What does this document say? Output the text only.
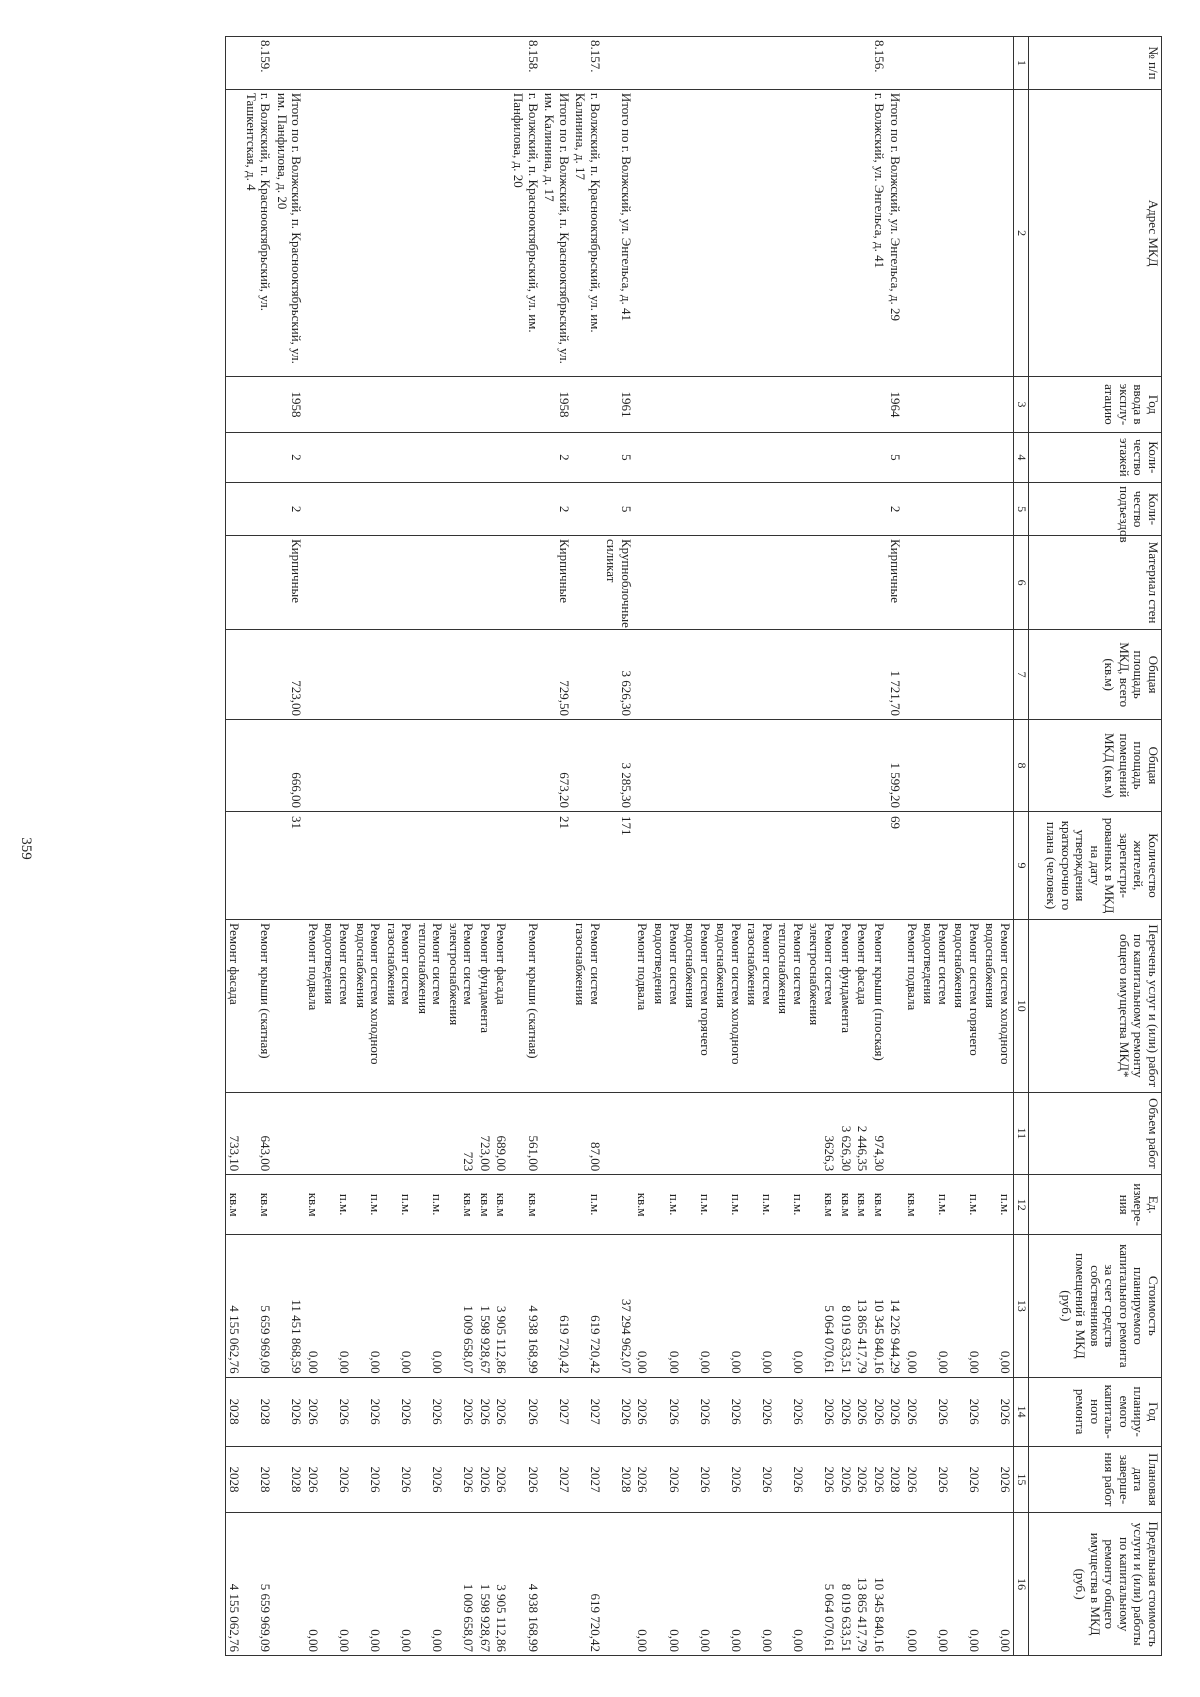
359
№ п/п	Адрес МКД	Год ввода в эксплу-атацию	Коли-чество этажей	Коли-чество подъездов	Материал стен	Общая площадь МКД, всего (кв.м)	Общая площадь помещений МКД (кв.м)	Количество жителей, зарегистри-рованных в МКД на дату утверждения краткосрочно го плана (человек)	Перечень услуг и (или) работ по капитальному ремонту общего имущества МКД*	Объем работ	Ед. измере-ния	Стоимость планируемого капитального ремонта за счет средств собственников помещений в МКД (руб.)	Год планиру-емого капиталь-ного ремонта	Плановая дата заверше-ния работ	Предельная стоимость услуги и (или) работы по капитальному ремонту общего имущества в МКД (руб.)
1	2	3	4	5	6	7	8	9	10	11	12	13	14	15	16
									Ремонт систем холодного водоснабжения		п.м.	0,00	2026	2026	0,00
									Ремонт систем горячего водоснабжения		п.м.	0,00	2026	2026	0,00
									Ремонт систем водоотведения		п.м.	0,00	2026	2026	0,00
									Ремонт подвала		кв.м	0,00	2026	2026	0,00
	Итого по г. Волжский, ул. Энгельса, д. 29	1964	5	2	Кирпичные	1 721,70	1 599,20	69				14 226 944,29	2026	2028	
8.156.	г. Волжский, ул. Энгельса, д. 41								Ремонт крыши (плоская)	974,30	кв.м	10 345 840,16	2026	2026	10 345 840,16
									Ремонт фасада	2 446,35	кв.м	13 865 417,79	2026	2026	13 865 417,79
									Ремонт фундамента	3 626,30	кв.м	8 019 633,51	2026	2026	8 019 633,51
									Ремонт систем электроснабжения	3626,3	кв.м	5 064 070,61	2026	2026	5 064 070,61
									Ремонт систем теплоснабжения		п.м.	0,00	2026	2026	0,00
									Ремонт систем газоснабжения		п.м.	0,00	2026	2026	0,00
									Ремонт систем холодного водоснабжения		п.м.	0,00	2026	2026	0,00
									Ремонт систем горячего водоснабжения		п.м.	0,00	2026	2026	0,00
									Ремонт систем водоотведения		п.м.	0,00	2026	2026	0,00
									Ремонт подвала		кв.м	0,00	2026	2026	0,00
	Итого по г. Волжский, ул. Энгельса, д. 41	1961	5	5	Крупноблочные силикат	3 626,30	3 285,30	171				37 294 962,07	2026	2028	
8.157.	г. Волжский, п. Краснооктябрьский, ул. им. Калинина, д. 17								Ремонт систем газоснабжения	87,00	п.м.	619 720,42	2027	2027	619 720,42
	Итого по г. Волжский, п. Краснооктябрьский, ул. им. Калинина, д. 17	1958	2	2	Кирпичные	729,50	673,20	21				619 720,42	2027	2027	
8.158.	г. Волжский, п. Краснооктябрьский, ул. им. Панфилова, д. 20								Ремонт крыши (скатная)	561,00	кв.м	4 938 168,99	2026	2026	4 938 168,99
									Ремонт фасада	689,00	кв.м	3 905 112,86	2026	2026	3 905 112,86
									Ремонт фундамента	723,00	кв.м	1 598 928,67	2026	2026	1 598 928,67
									Ремонт систем электроснабжения	723	кв.м	1 009 658,07	2026	2026	1 009 658,07
									Ремонт систем теплоснабжения		п.м.	0,00	2026	2026	0,00
									Ремонт систем газоснабжения		п.м.	0,00	2026	2026	0,00
									Ремонт систем холодного водоснабжения		п.м.	0,00	2026	2026	0,00
									Ремонт систем водоотведения		п.м.	0,00	2026	2026	0,00
									Ремонт подвала		кв.м	0,00	2026	2026	0,00
	Итого по г. Волжский, п. Краснооктябрьский, ул. им. Панфилова, д. 20	1958	2	2	Кирпичные	723,00	666,00	31				11 451 868,59	2026	2028	
8.159.	г. Волжский, п. Краснооктябрьский, ул. Ташкентская, д. 4								Ремонт крыши (скатная)	643,00	кв.м	5 659 969,09	2028	2028	5 659 969,09
									Ремонт фасада	733,10	кв.м	4 155 062,76	2028	2028	4 155 062,76
